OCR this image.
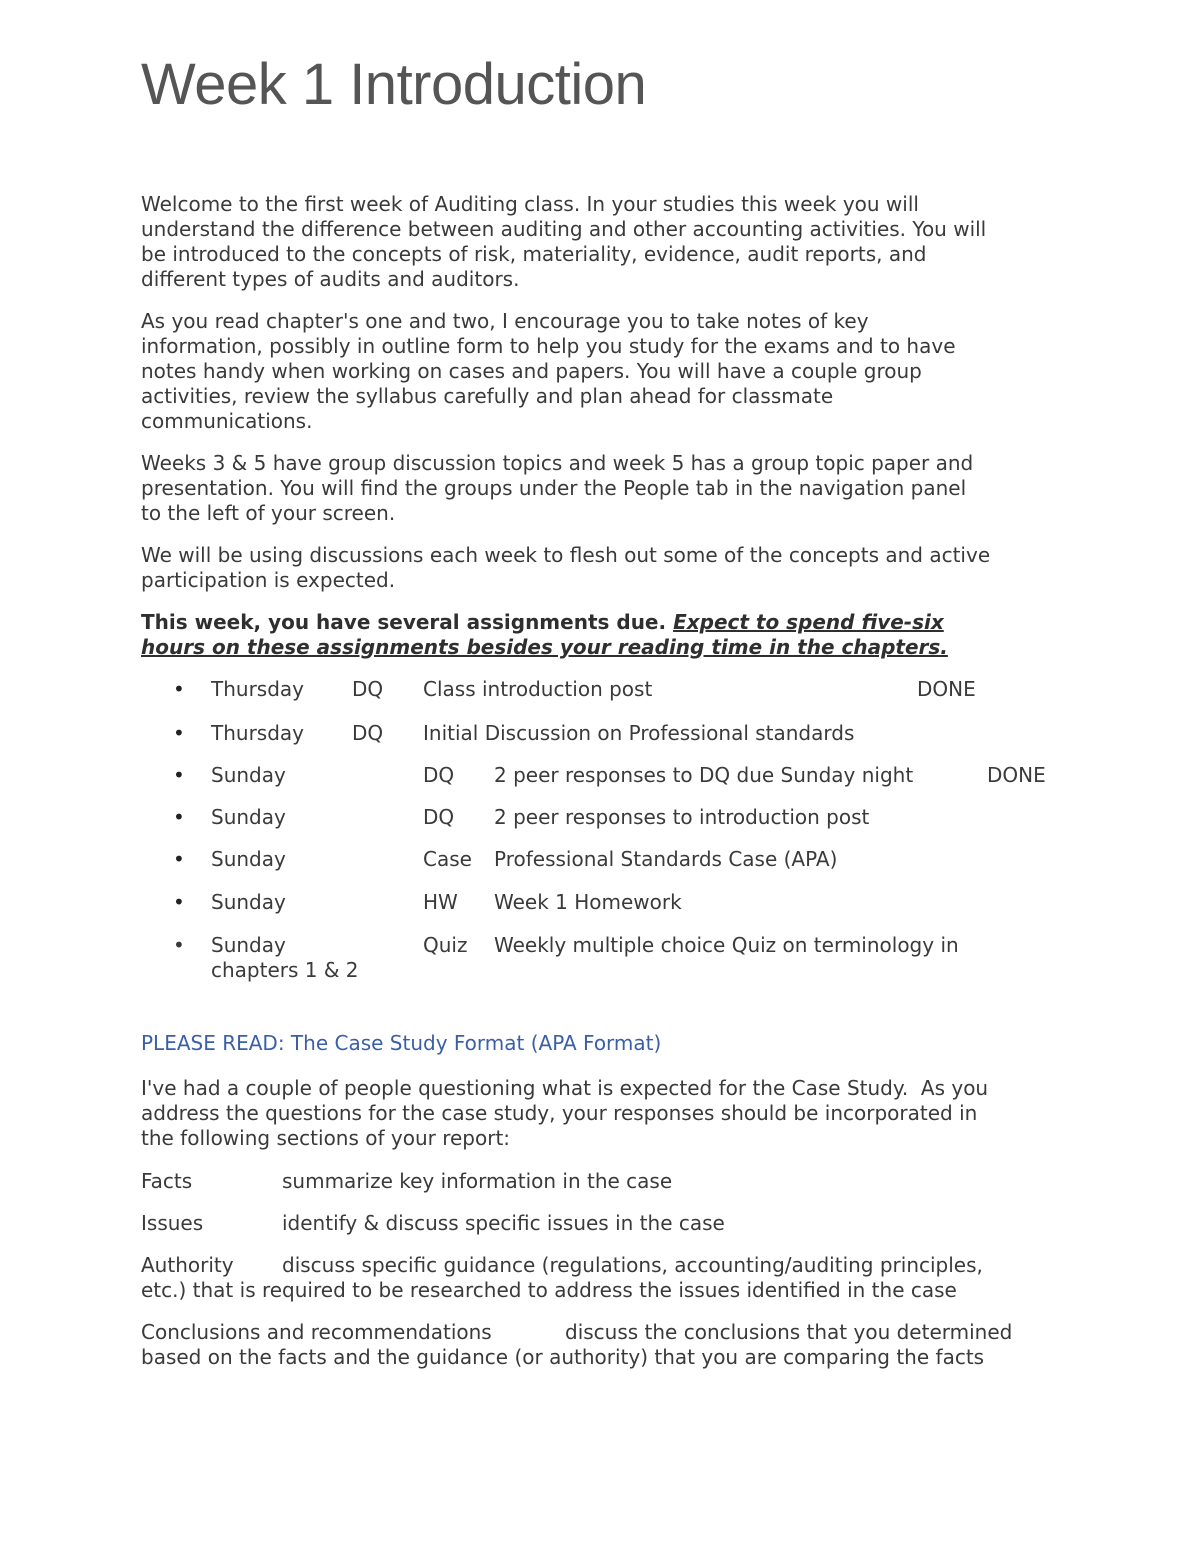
Week 1 Introduction

Welcome to the first week of Auditing class. In your studies this week you will
understand the difference between auditing and other accounting activities. You will
be introduced to the concepts of risk, materiality, evidence, audit reports, and
different types of audits and auditors.

As you read chapter's one and two, I encourage you to take notes of key
information, possibly in outline form to help you study for the exams and to have
notes handy when working on cases and papers. You will have a couple group
activities, review the syllabus carefully and plan ahead for classmate
communications.

Weeks 3 & 5 have group discussion topics and week 5 has a group topic paper and
presentation. You will find the groups under the People tab in the navigation panel
to the left of your screen.

We will be using discussions each week to flesh out some of the concepts and active
participation is expected.

This week, you have several assignments due. Expect to spend five-six
hours on these assignments besides your reading time in the chapters.

• Thursday DQ Class introduction post	DONE
• Thursday DQ Initial Discussion on Professional standards
• Sunday	DQ 2 peer responses to DQ due Sunday night	DONE
• Sunday	DQ 2 peer responses to introduction post
• Sunday	Case Professional Standards Case (APA)
• Sunday	HW Week 1 Homework
• Sunday	Quiz Weekly multiple choice Quiz on terminology in
chapters 1 & 2

PLEASE READ: The Case Study Format (APA Format)

I've had a couple of people questioning what is expected for the Case Study.  As you
address the questions for the case study, your responses should be incorporated in
the following sections of your report:

Facts	summarize key information in the case
Issues	identify & discuss specific issues in the case
Authority discuss specific guidance (regulations, accounting/auditing principles,
etc.) that is required to be researched to address the issues identified in the case
Conclusions and recommendations	discuss the conclusions that you determined
based on the facts and the guidance (or authority) that you are comparing the facts
